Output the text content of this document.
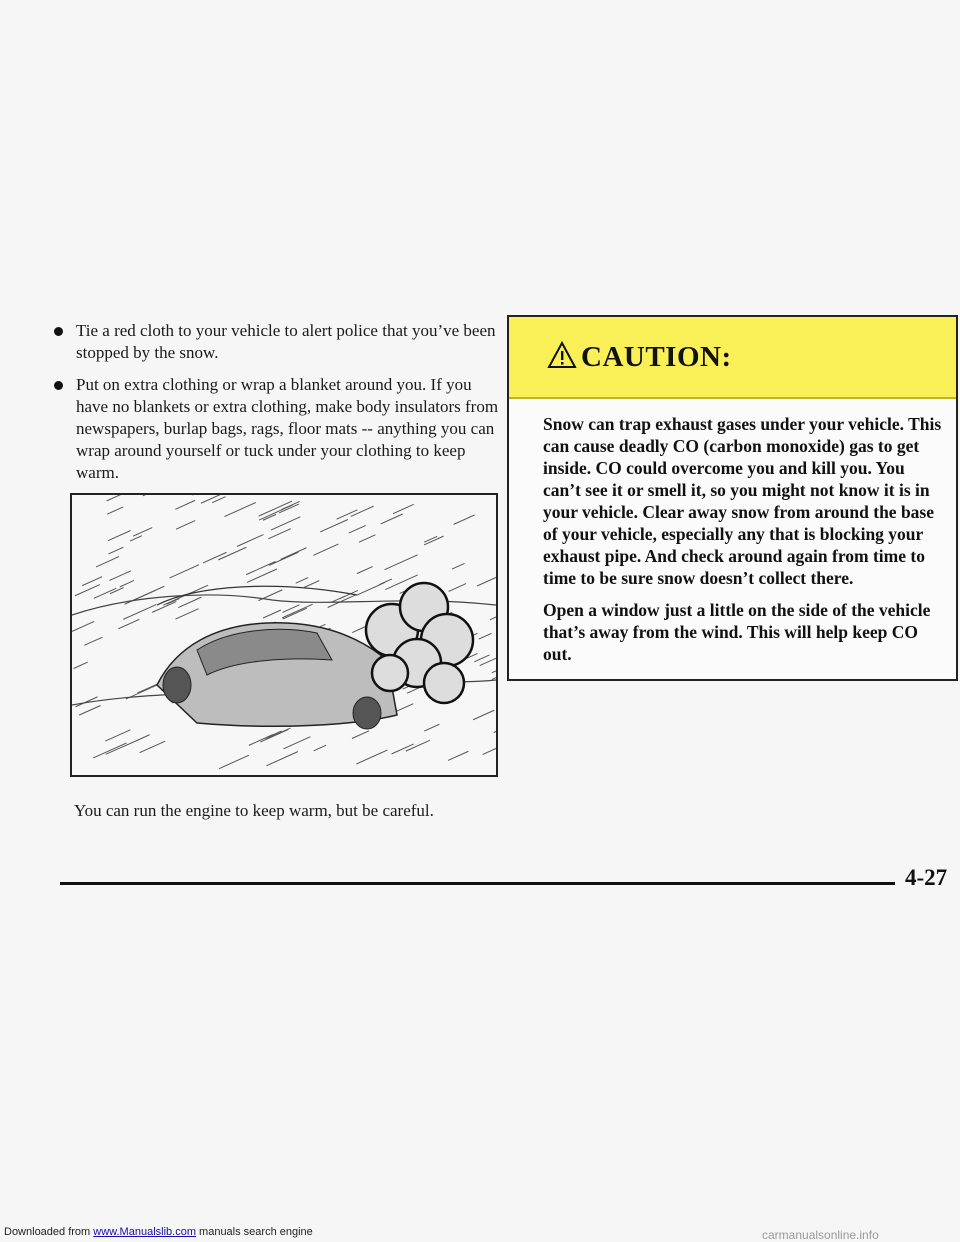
Tie a red cloth to your vehicle to alert police that you’ve been stopped by the snow.
Put on extra clothing or wrap a blanket around you. If you have no blankets or extra clothing, make body insulators from newspapers, burlap bags, rags, floor mats -- anything you can wrap around yourself or tuck under your clothing to keep warm.
You can run the engine to keep warm, but be careful.
CAUTION:

Snow can trap exhaust gases under your vehicle. This can cause deadly CO (carbon monoxide) gas to get inside. CO could overcome you and kill you. You can’t see it or smell it, so you might not know it is in your vehicle. Clear away snow from around the base of your vehicle, especially any that is blocking your exhaust pipe. And check around again from time to time to be sure snow doesn’t collect there.

Open a window just a little on the side of the vehicle that’s away from the wind. This will help keep CO out.

4-27
Downloaded from www.Manualslib.com manuals search engine	carmanualsonline.info
